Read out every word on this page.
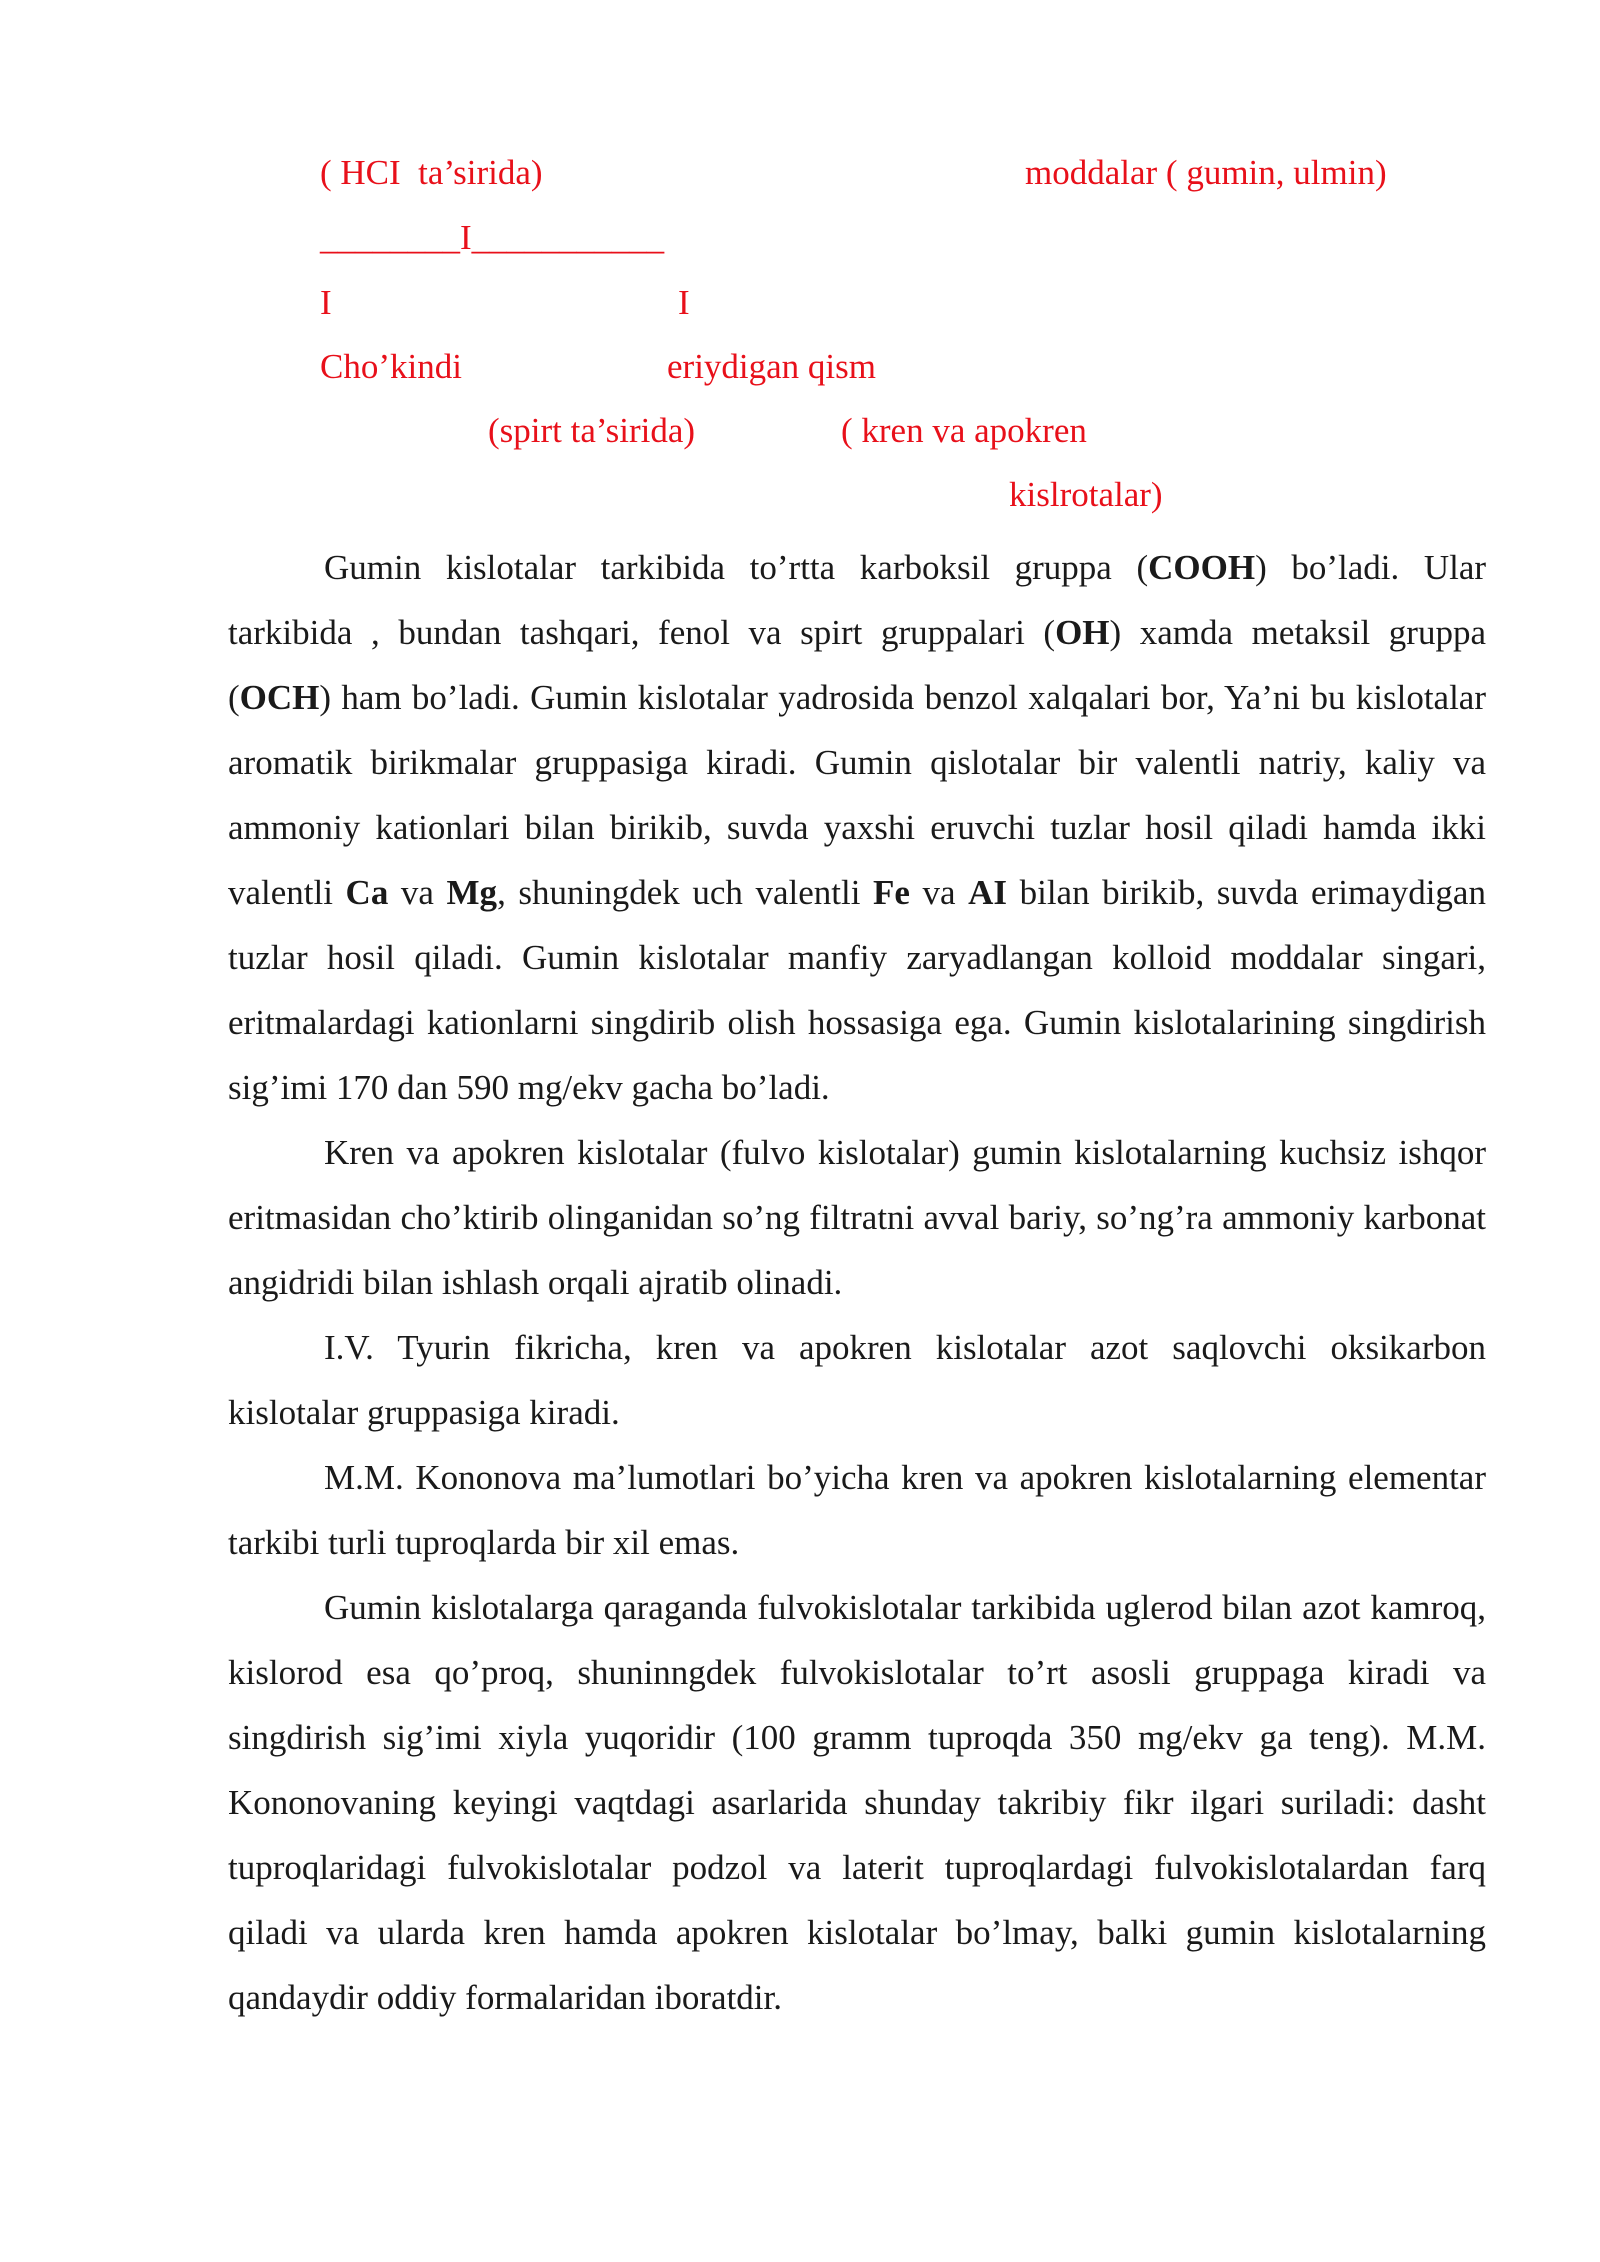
( HCI  ta’sirida)	moddalar ( gumin, ulmin)
________I___________
I	I
Cho’kindi	eriydigan qism
(spirt ta’sirida)	( kren va apokren
kislrotalar)

Gumin kislotalar tarkibida to’rtta karboksil gruppa (COOH) bo’ladi. Ular tarkibida , bundan tashqari, fenol va spirt gruppalari (OH) xamda metaksil gruppa (OCH) ham bo’ladi. Gumin kislotalar yadrosida benzol xalqalari bor, Ya’ni bu kislotalar aromatik birikmalar gruppasiga kiradi. Gumin qislotalar bir valentli natriy, kaliy va ammoniy kationlari bilan birikib, suvda yaxshi eruvchi tuzlar hosil qiladi hamda ikki valentli Ca va Mg, shuningdek uch valentli Fe va AI bilan birikib, suvda erimaydigan tuzlar hosil qiladi. Gumin kislotalar manfiy zaryadlangan kolloid moddalar singari, eritmalardagi kationlarni singdirib olish hossasiga ega. Gumin kislotalarining singdirish sig’imi 170 dan 590 mg/ekv gacha bo’ladi.

Kren va apokren kislotalar (fulvo kislotalar) gumin kislotalarning kuchsiz ishqor eritmasidan cho’ktirib olinganidan so’ng filtratni avval bariy, so’ng’ra ammoniy karbonat angidridi bilan ishlash orqali ajratib olinadi.

I.V. Tyurin fikricha, kren va apokren kislotalar azot saqlovchi oksikarbon kislotalar gruppasiga kiradi.

M.M. Kononova ma’lumotlari bo’yicha kren va apokren kislotalarning elementar tarkibi turli tuproqlarda bir xil emas.

Gumin kislotalarga qaraganda fulvokislotalar tarkibida uglerod bilan azot kamroq, kislorod esa qo’proq, shuninngdek fulvokislotalar to’rt asosli gruppaga kiradi va singdirish sig’imi xiyla yuqoridir (100 gramm tuproqda 350 mg/ekv ga teng). M.M. Kononovaning keyingi vaqtdagi asarlarida shunday takribiy fikr ilgari suriladi: dasht tuproqlaridagi fulvokislotalar podzol va laterit tuproqlardagi fulvokislotalardan farq qiladi va ularda kren hamda apokren kislotalar bo’lmay, balki gumin kislotalarning qandaydir oddiy formalaridan iboratdir.
